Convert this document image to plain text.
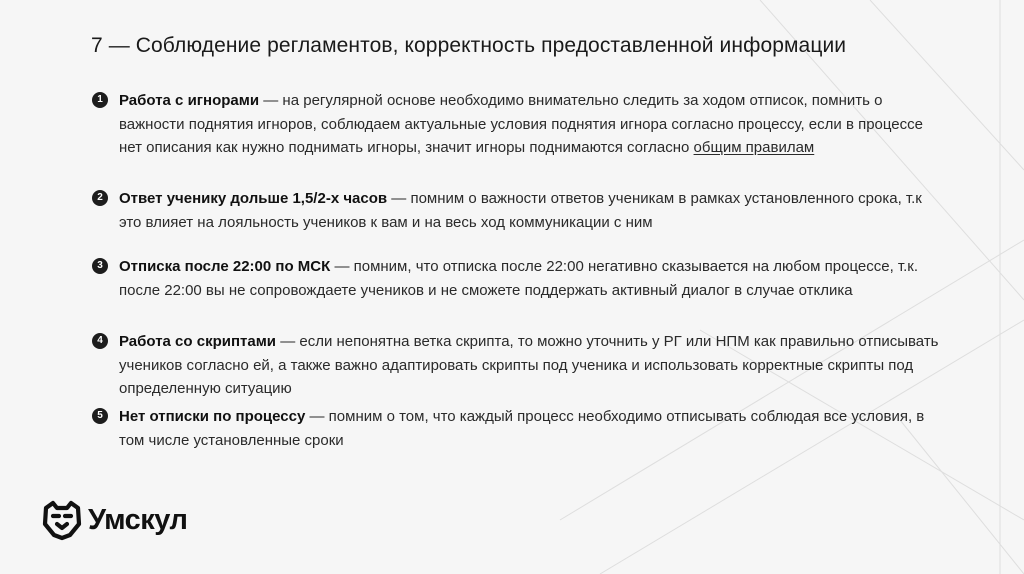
7 — Соблюдение регламентов, корректность предоставленной информации
1	Работа с игнорами — на регулярной основе необходимо внимательно следить за ходом отписок, помнить о важности поднятия игноров, соблюдаем актуальные условия поднятия игнора согласно процессу, если в процессе нет описания как нужно поднимать игноры, значит игноры поднимаются согласно общим правилам
2	Ответ ученику дольше 1,5/2-х часов — помним о важности ответов ученикам в рамках установленного срока, т.к это влияет на лояльность учеников к вам и на весь ход коммуникации с ним
3	Отписка после 22:00 по МСК — помним, что отписка после 22:00 негативно сказывается на любом процессе, т.к. после 22:00 вы не сопровождаете учеников и не сможете поддержать активный диалог в случае отклика
4	Работа со скриптами — если непонятна ветка скрипта, то можно уточнить у РГ или НПМ как правильно отписывать учеников согласно ей, а также важно адаптировать скрипты под ученика и использовать корректные скрипты под определенную ситуацию
5	Нет отписки по процессу — помним о том, что каждый процесс необходимо отписывать соблюдая все условия, в том числе установленные сроки
Умскул
